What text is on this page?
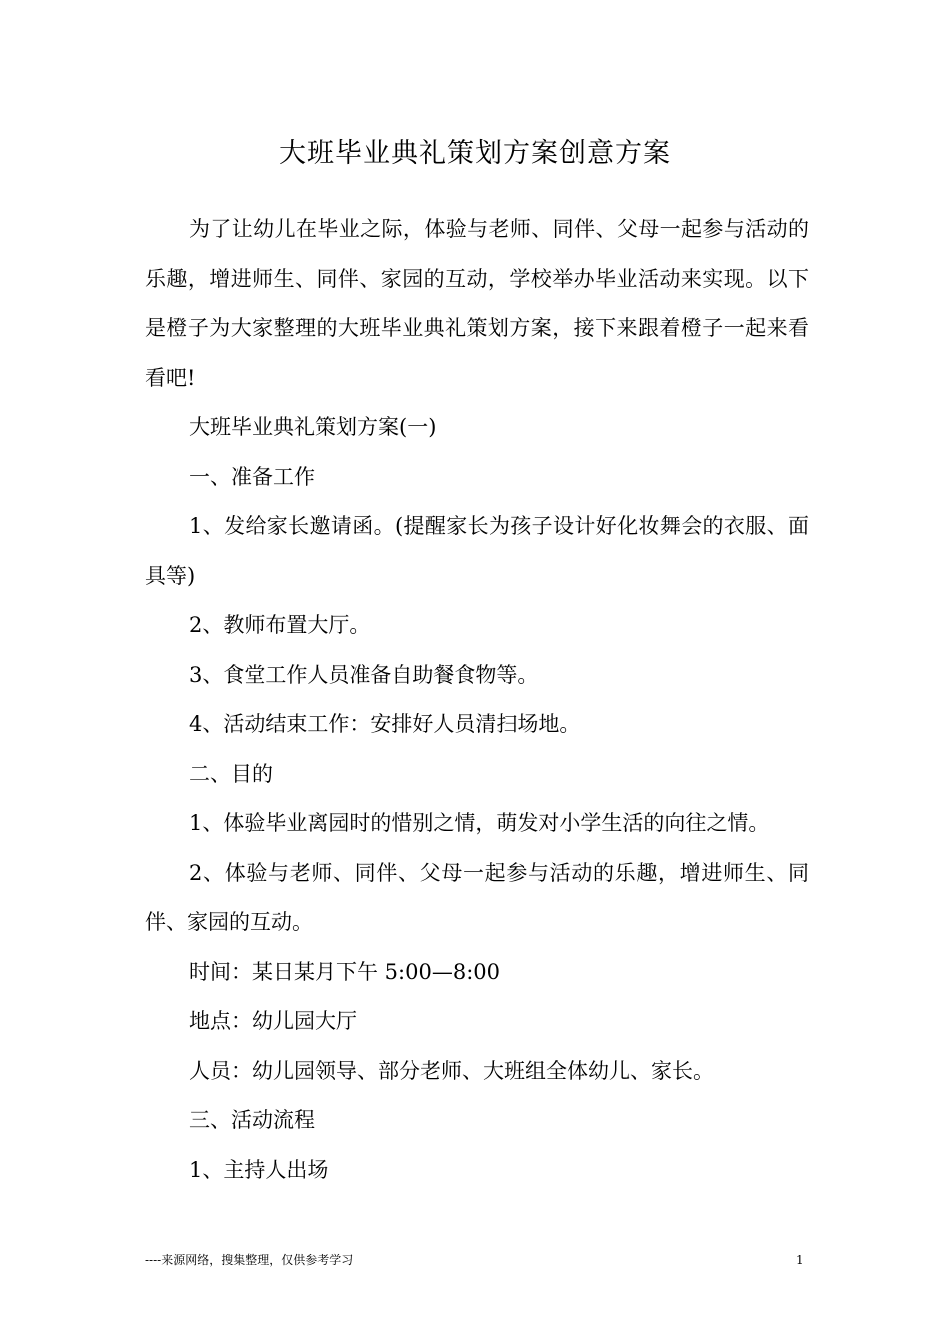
大班毕业典礼策划方案创意方案

为了让幼儿在毕业之际，体验与老师、同伴、父母一起参与活动的乐趣，增进师生、同伴、家园的互动，学校举办毕业活动来实现。以下是橙子为大家整理的大班毕业典礼策划方案，接下来跟着橙子一起来看看吧!

大班毕业典礼策划方案(一)

一、准备工作

1、发给家长邀请函。(提醒家长为孩子设计好化妆舞会的衣服、面具等)

2、教师布置大厅。

3、食堂工作人员准备自助餐食物等。

4、活动结束工作：安排好人员清扫场地。

二、目的

1、体验毕业离园时的惜别之情，萌发对小学生活的向往之情。

2、体验与老师、同伴、父母一起参与活动的乐趣，增进师生、同伴、家园的互动。

时间：某日某月下午 5:00—8:00

地点：幼儿园大厅

人员：幼儿园领导、部分老师、大班组全体幼儿、家长。

三、活动流程

1、主持人出场

----来源网络，搜集整理，仅供参考学习	1
